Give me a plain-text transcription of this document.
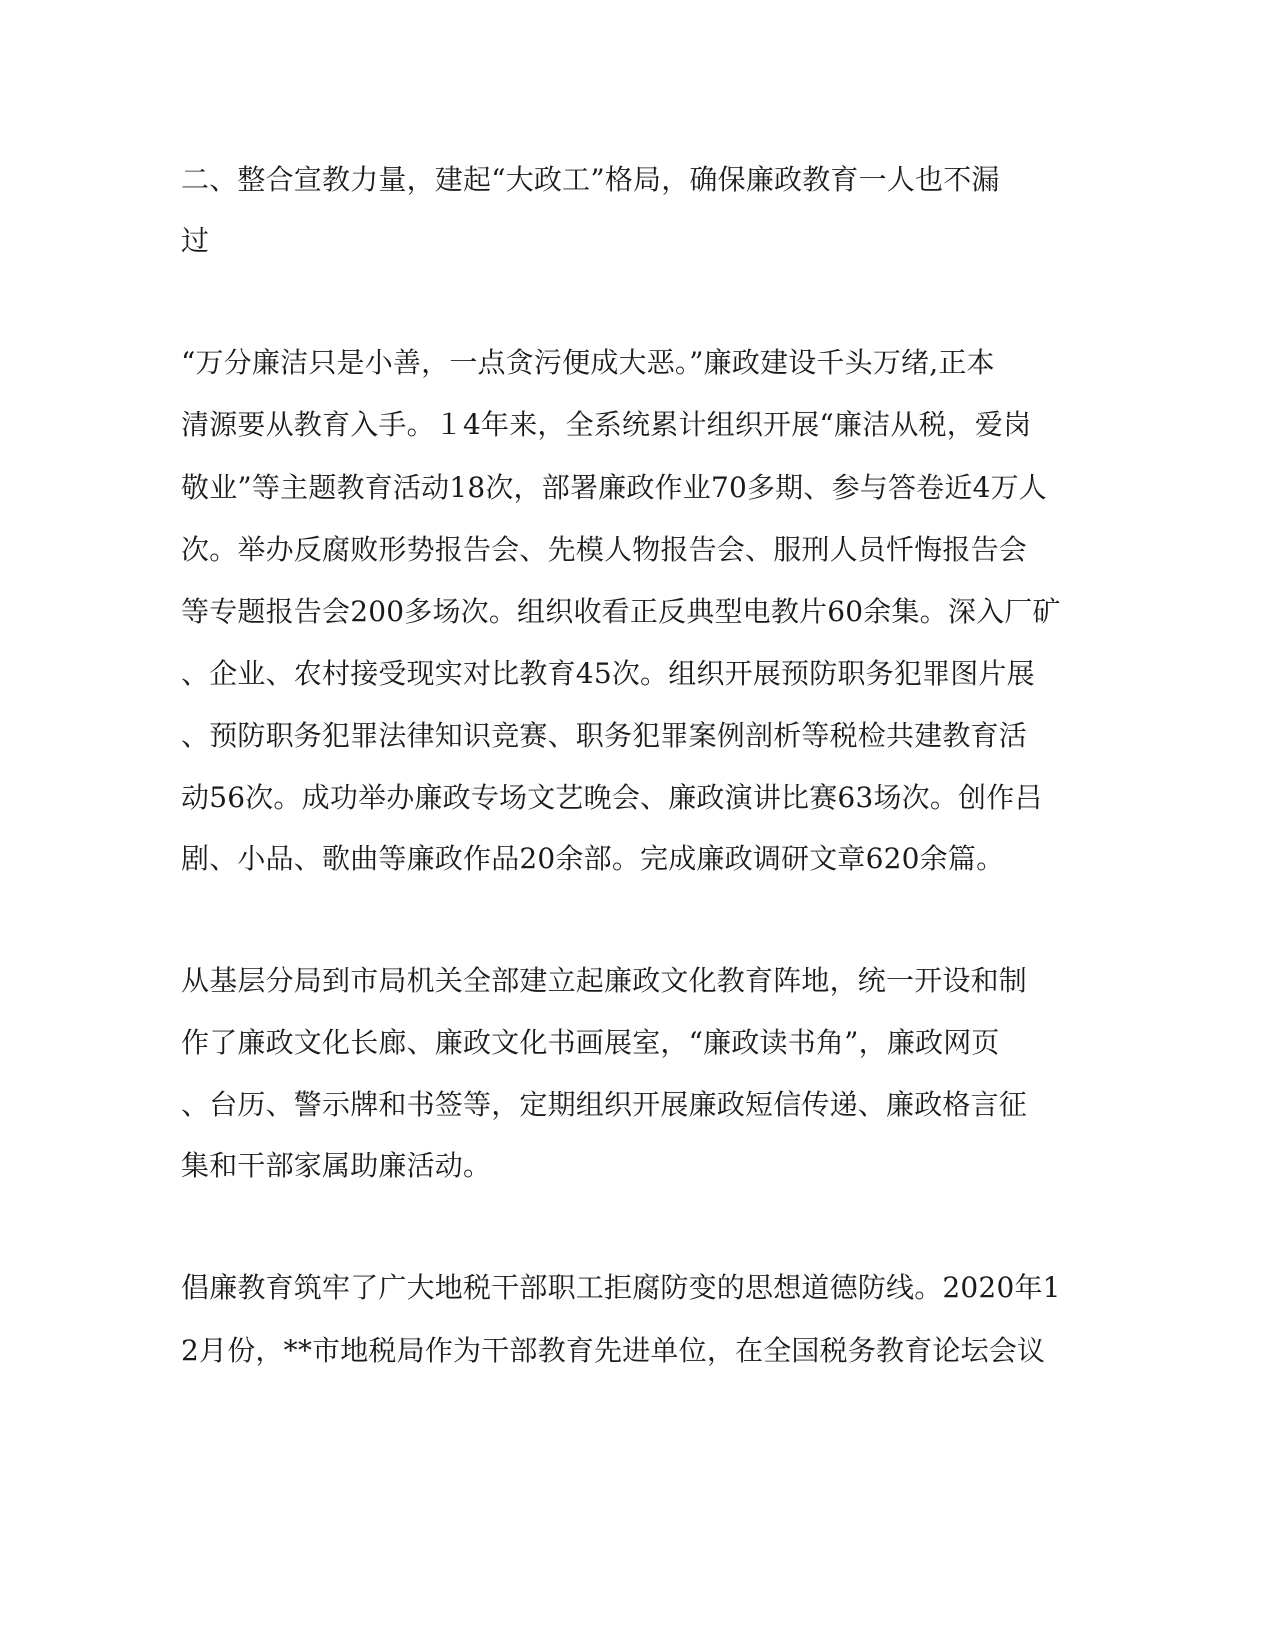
二、整合宣教力量，建起“大政工”格局，确保廉政教育一人也不漏
过
“万分廉洁只是小善，一点贪污便成大恶。”廉政建设千头万绪,正本
清源要从教育入手。１4年来，全系统累计组织开展“廉洁从税，爱岗
敬业”等主题教育活动18次，部署廉政作业70多期、参与答卷近4万人
次。举办反腐败形势报告会、先模人物报告会、服刑人员忏悔报告会
等专题报告会200多场次。组织收看正反典型电教片60余集。深入厂矿
、企业、农村接受现实对比教育45次。组织开展预防职务犯罪图片展
、预防职务犯罪法律知识竞赛、职务犯罪案例剖析等税检共建教育活
动56次。成功举办廉政专场文艺晚会、廉政演讲比赛63场次。创作吕
剧、小品、歌曲等廉政作品20余部。完成廉政调研文章620余篇。
从基层分局到市局机关全部建立起廉政文化教育阵地，统一开设和制
作了廉政文化长廊、廉政文化书画展室，“廉政读书角”，廉政网页
、台历、警示牌和书签等，定期组织开展廉政短信传递、廉政格言征
集和干部家属助廉活动。
倡廉教育筑牢了广大地税干部职工拒腐防变的思想道德防线。2020年1
2月份，**市地税局作为干部教育先进单位，在全国税务教育论坛会议
